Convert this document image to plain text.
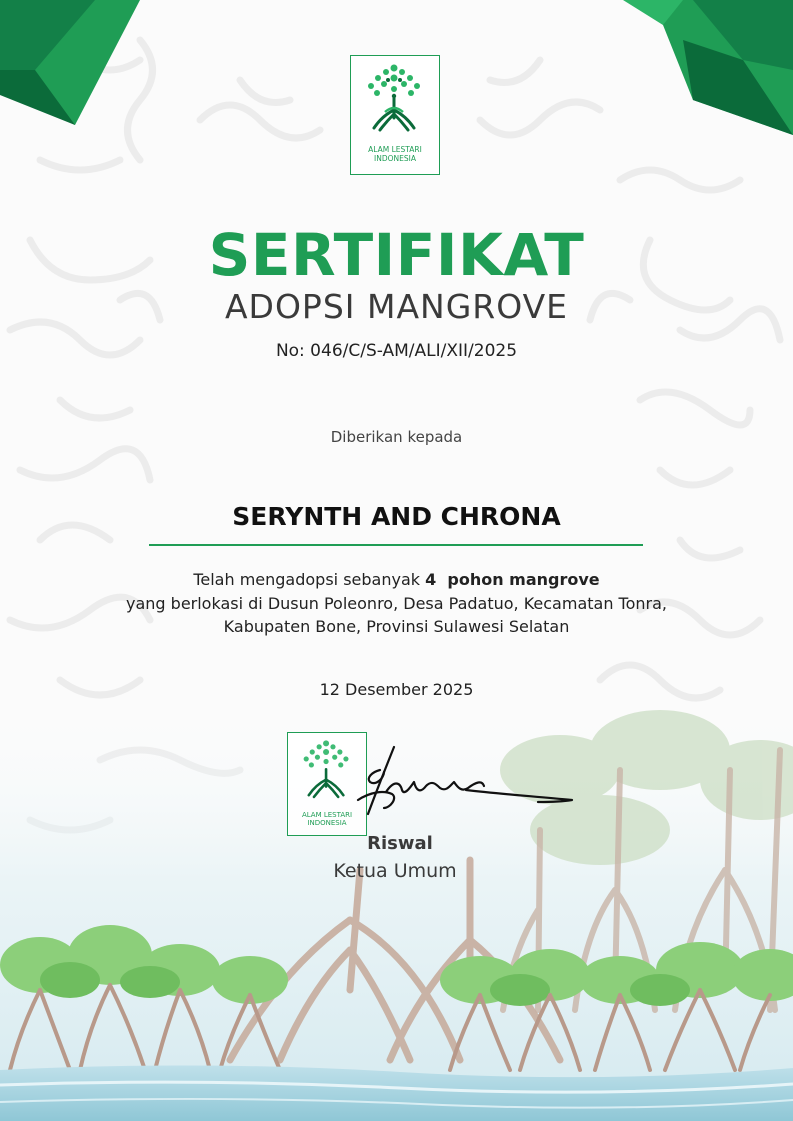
ALAM LESTARI
INDONESIA
SERTIFIKAT
ADOPSI MANGROVE
No: 046/C/S-AM/ALI/XII/2025
Diberikan kepada
SERYNTH AND CHRONA
Telah mengadopsi sebanyak 4 pohon mangrove
yang berlokasi di Dusun Poleonro, Desa Padatuo, Kecamatan Tonra,
Kabupaten Bone, Provinsi Sulawesi Selatan
12 Desember 2025
ALAM LESTARI
INDONESIA
Riswal
Ketua Umum
